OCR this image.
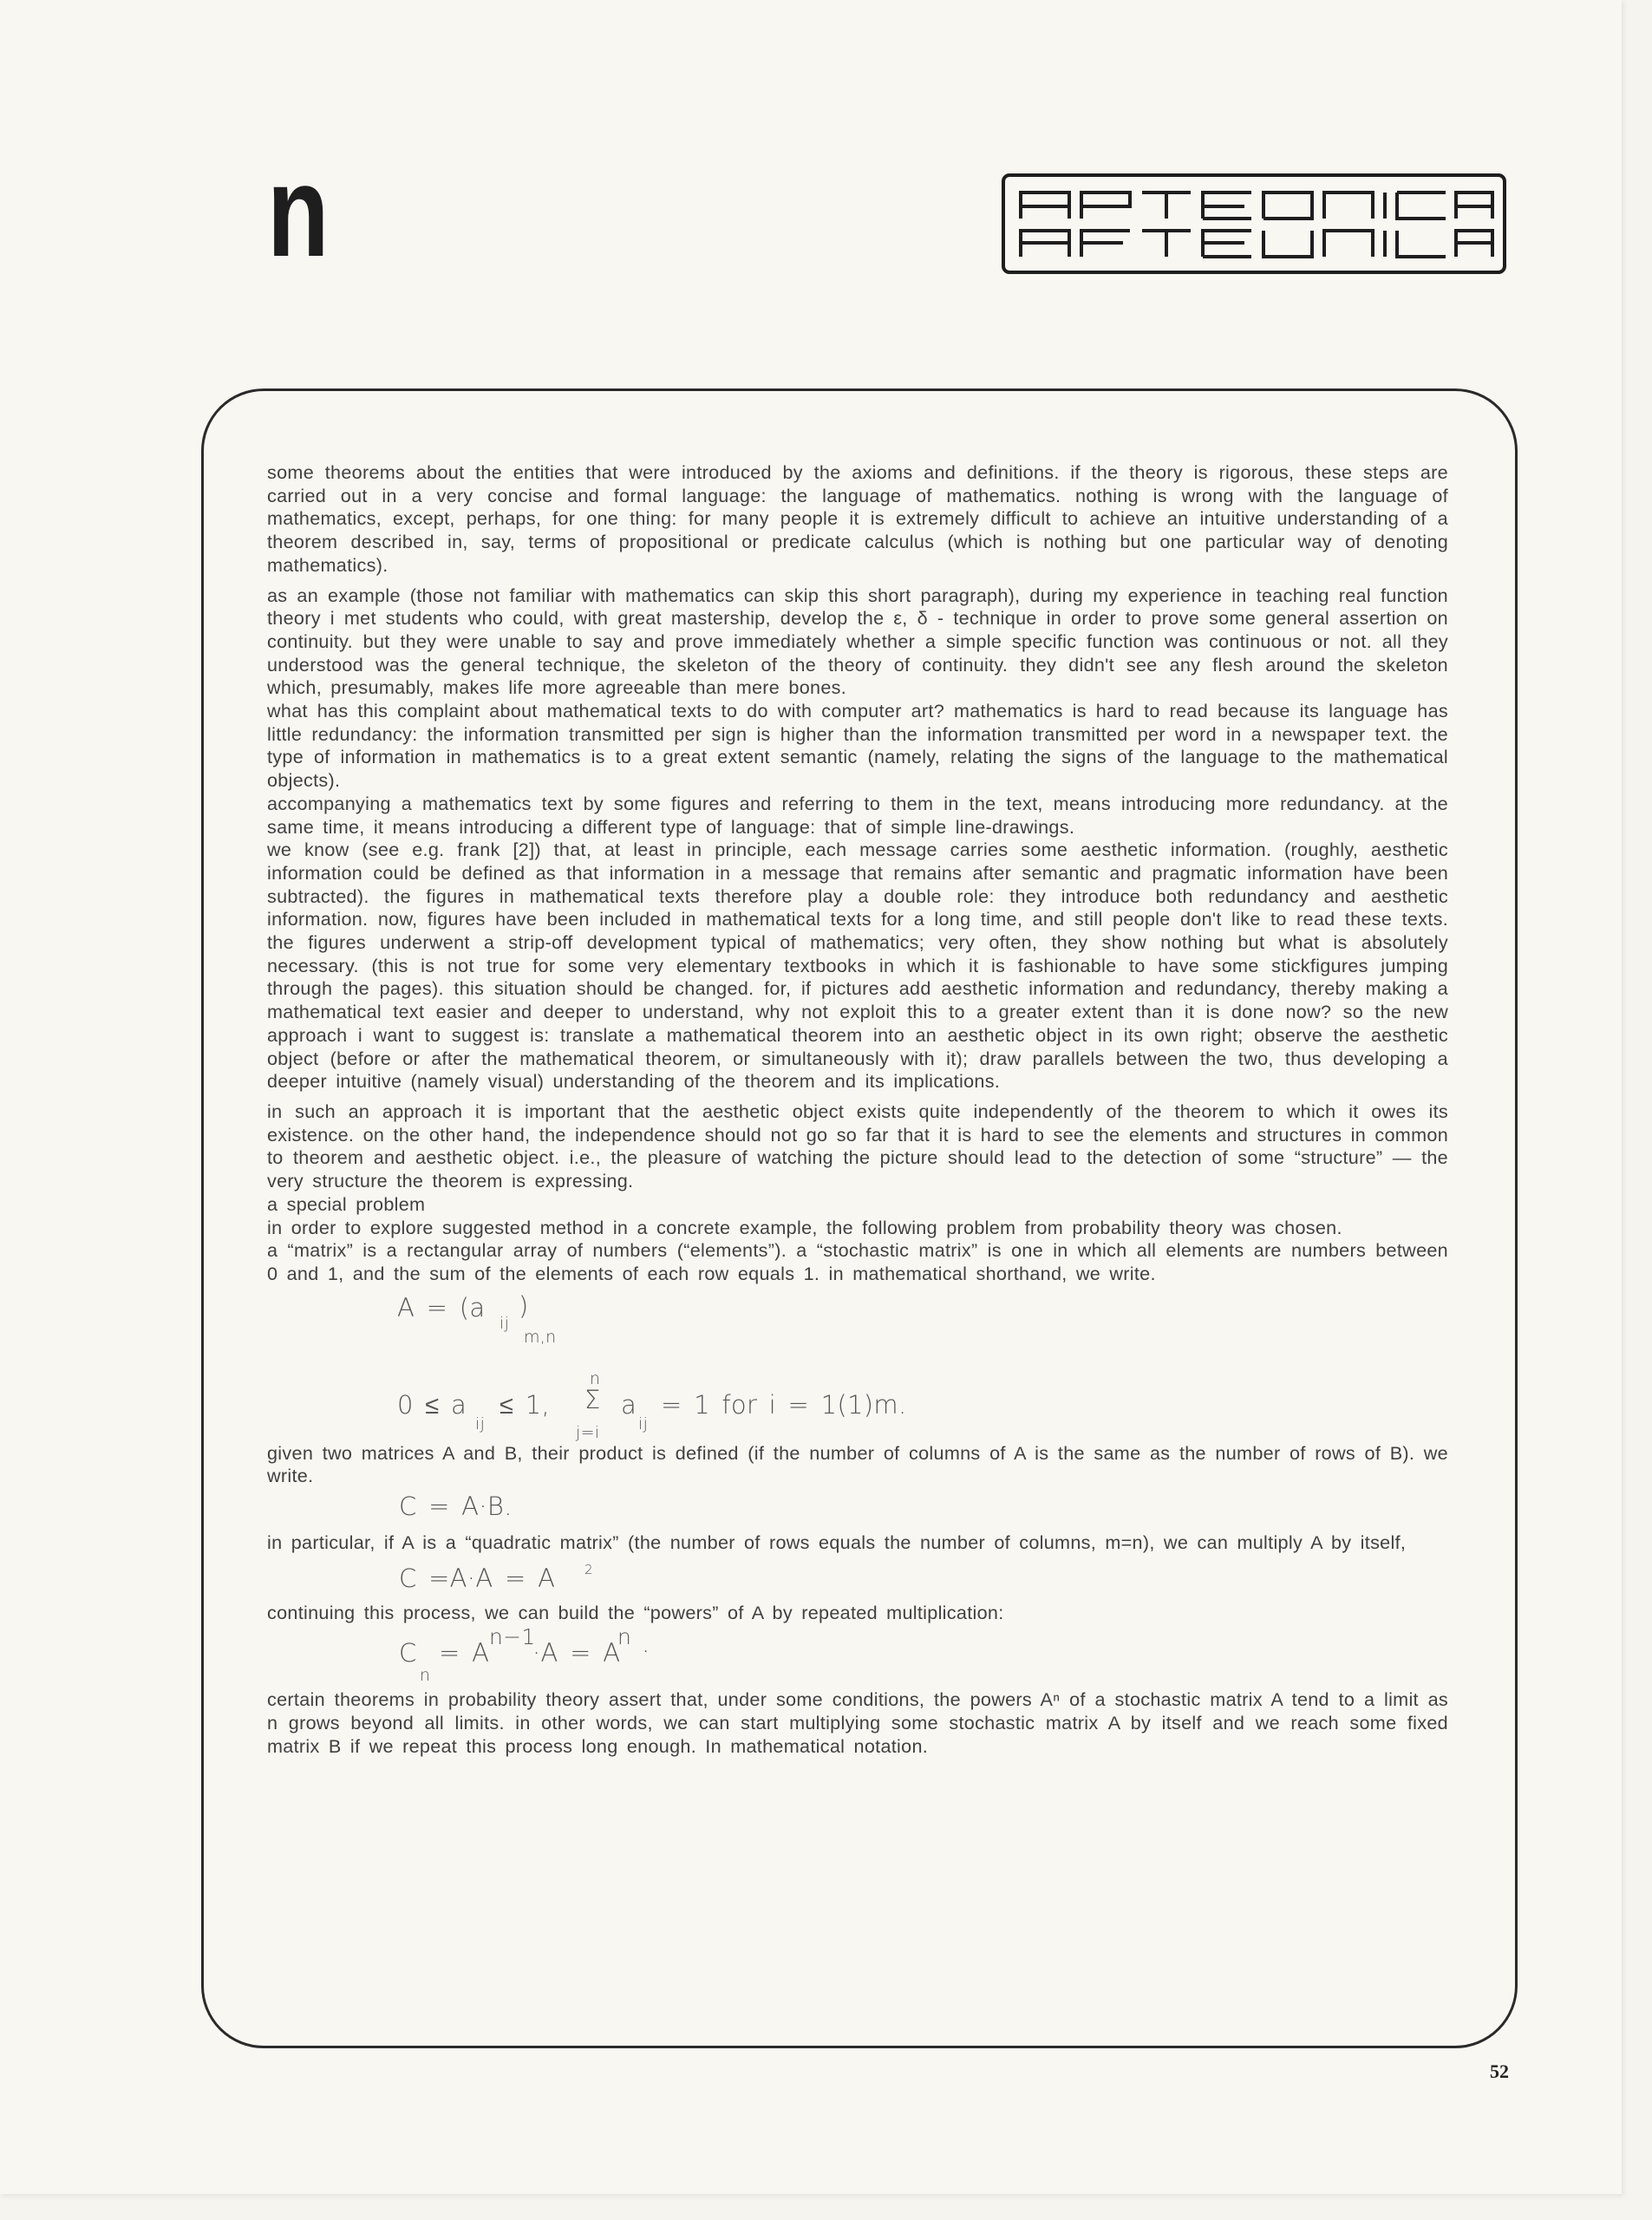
n

some theorems about the entities that were introduced by the axioms and definitions. if the theory is rigorous, these steps are carried out in a very concise and formal language: the language of mathematics. nothing is wrong with the language of mathematics, except, perhaps, for one thing: for many people it is extremely difficult to achieve an intuitive understanding of a theorem described in, say, terms of propositional or predicate calculus (which is nothing but one particular way of denoting mathematics).

as an example (those not familiar with mathematics can skip this short paragraph), during my experience in teaching real function theory i met students who could, with great mastership, develop the ε, δ - technique in order to prove some general assertion on continuity. but they were unable to say and prove immediately whether a simple specific function was continuous or not. all they understood was the general technique, the skeleton of the theory of continuity. they didn't see any flesh around the skeleton which, presumably, makes life more agreeable than mere bones.

what has this complaint about mathematical texts to do with computer art? mathematics is hard to read because its language has little redundancy: the information transmitted per sign is higher than the information transmitted per word in a newspaper text. the type of information in mathematics is to a great extent semantic (namely, relating the signs of the language to the mathematical objects).

accompanying a mathematics text by some figures and referring to them in the text, means introducing more redundancy. at the same time, it means introducing a different type of language: that of simple line-drawings.

we know (see e.g. frank [2]) that, at least in principle, each message carries some aesthetic information. (roughly, aesthetic information could be defined as that information in a message that remains after semantic and pragmatic information have been subtracted). the figures in mathematical texts therefore play a double role: they introduce both redundancy and aesthetic information. now, figures have been included in mathematical texts for a long time, and still people don't like to read these texts. the figures underwent a strip-off development typical of mathematics; very often, they show nothing but what is absolutely necessary. (this is not true for some very elementary textbooks in which it is fashionable to have some stickfigures jumping through the pages). this situation should be changed. for, if pictures add aesthetic information and redundancy, thereby making a mathematical text easier and deeper to understand, why not exploit this to a greater extent than it is done now? so the new approach i want to suggest is: translate a mathematical theorem into an aesthetic object in its own right; observe the aesthetic object (before or after the mathematical theorem, or simultaneously with it); draw parallels between the two, thus developing a deeper intuitive (namely visual) understanding of the theorem and its implications.

in such an approach it is important that the aesthetic object exists quite independently of the theorem to which it owes its existence. on the other hand, the independence should not go so far that it is hard to see the elements and structures in common to theorem and aesthetic object. i.e., the pleasure of watching the picture should lead to the detection of some “structure” — the very structure the theorem is expressing.

a special problem

in order to explore suggested method in a concrete example, the following problem from probability theory was chosen.

a “matrix” is a rectangular array of numbers (“elements”). a “stochastic matrix” is one in which all elements are numbers between 0 and 1, and the sum of the elements of each row equals 1. in mathematical shorthand, we write.

A = (a
ij
)
m,n
0 ≤ a
ij
≤ 1,
n
Σ
j=i
a
ij
= 1 for i = 1(1)m.

given two matrices A and B, their product is defined (if the number of columns of A is the same as the number of rows of B). we write.

C = A·B.

in particular, if A is a “quadratic matrix” (the number of rows equals the number of columns, m=n), we can multiply A by itself,

C =A·A = A 2

continuing this process, we can build the “powers” of A by repeated multiplication:

C
n
= A
n−1
·A = A
n ·

certain theorems in probability theory assert that, under some conditions, the powers Aⁿ of a stochastic matrix A tend to a limit as n grows beyond all limits. in other words, we can start multiplying some stochastic matrix A by itself and we reach some fixed matrix B if we repeat this process long enough. In mathematical notation.

52
